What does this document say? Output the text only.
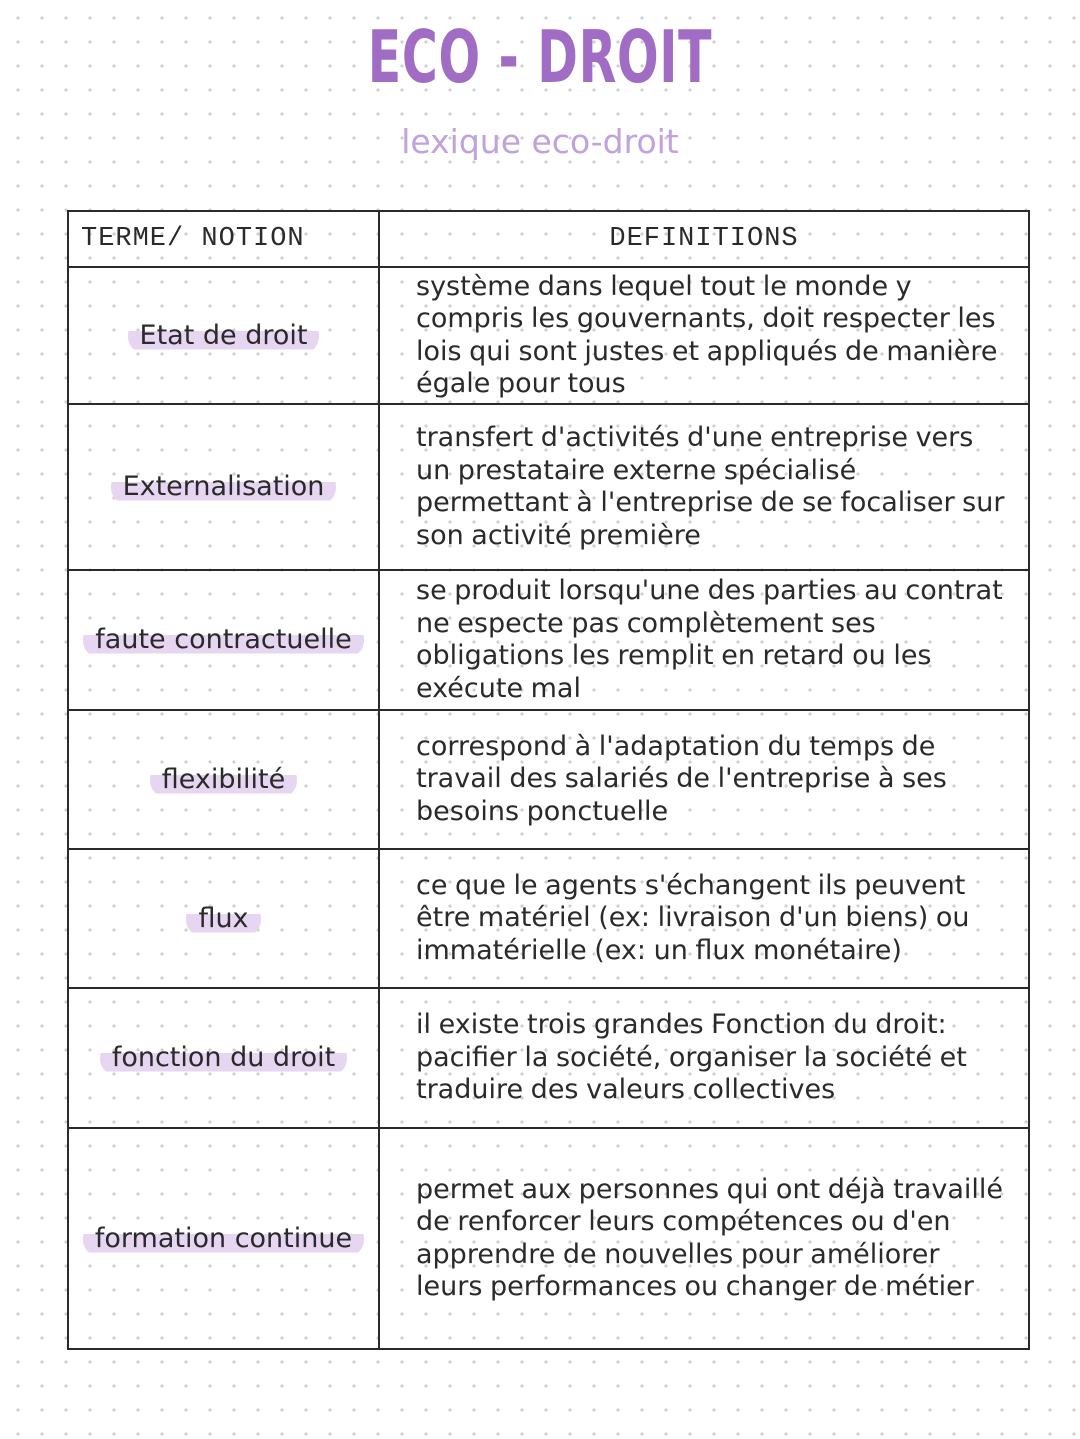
ECO - DROIT
lexique eco-droit
TERME/ NOTION	DEFINITIONS
Etat de droit	système dans lequel tout le monde y compris les gouvernants, doit respecter les lois qui sont justes et appliqués de manière égale pour tous

Externalisation	transfert d'activités d'une entreprise vers un prestataire externe spécialisé permettant à l'entreprise de se focaliser sur son activité première

faute contractuelle	se produit lorsqu'une des parties au contrat ne especte pas complètement ses obligations les remplit en retard ou les exécute mal

flexibilité	correspond à l'adaptation du temps de travail des salariés de l'entreprise à ses besoins ponctuelle

flux	ce que le agents s'échangent ils peuvent être matériel (ex: livraison d'un biens) ou immatérielle (ex: un flux monétaire)

fonction du droit	il existe trois grandes Fonction du droit: pacifier la société, organiser la société et traduire des valeurs collectives

formation continue	permet aux personnes qui ont déjà travaillé de renforcer leurs compétences ou d'en apprendre de nouvelles pour améliorer leurs performances ou changer de métier
